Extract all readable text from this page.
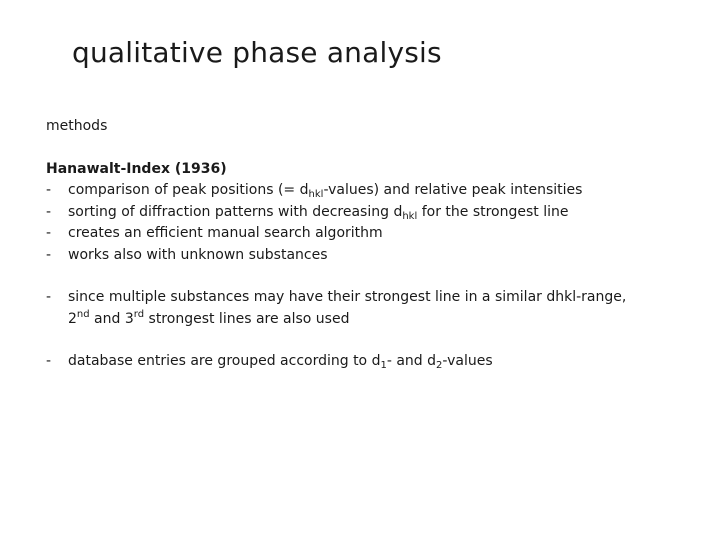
qualitative phase analysis

methods

Hanawalt-Index (1936)

-	comparison of peak positions (= $d_{hkl}-values$) and relative peak intensities
-	sorting of diffraction patterns with decreasing $d_{hkl}$ for the strongest line
-	creates an efficient manual search algorithm
-	works also with unknown substances
-	since multiple substances may have their strongest line in a similar dhkl-range,
2nd and 3rd strongest lines are also used
-	database entries are grouped according to $d_1-$ and $d_2$-values
